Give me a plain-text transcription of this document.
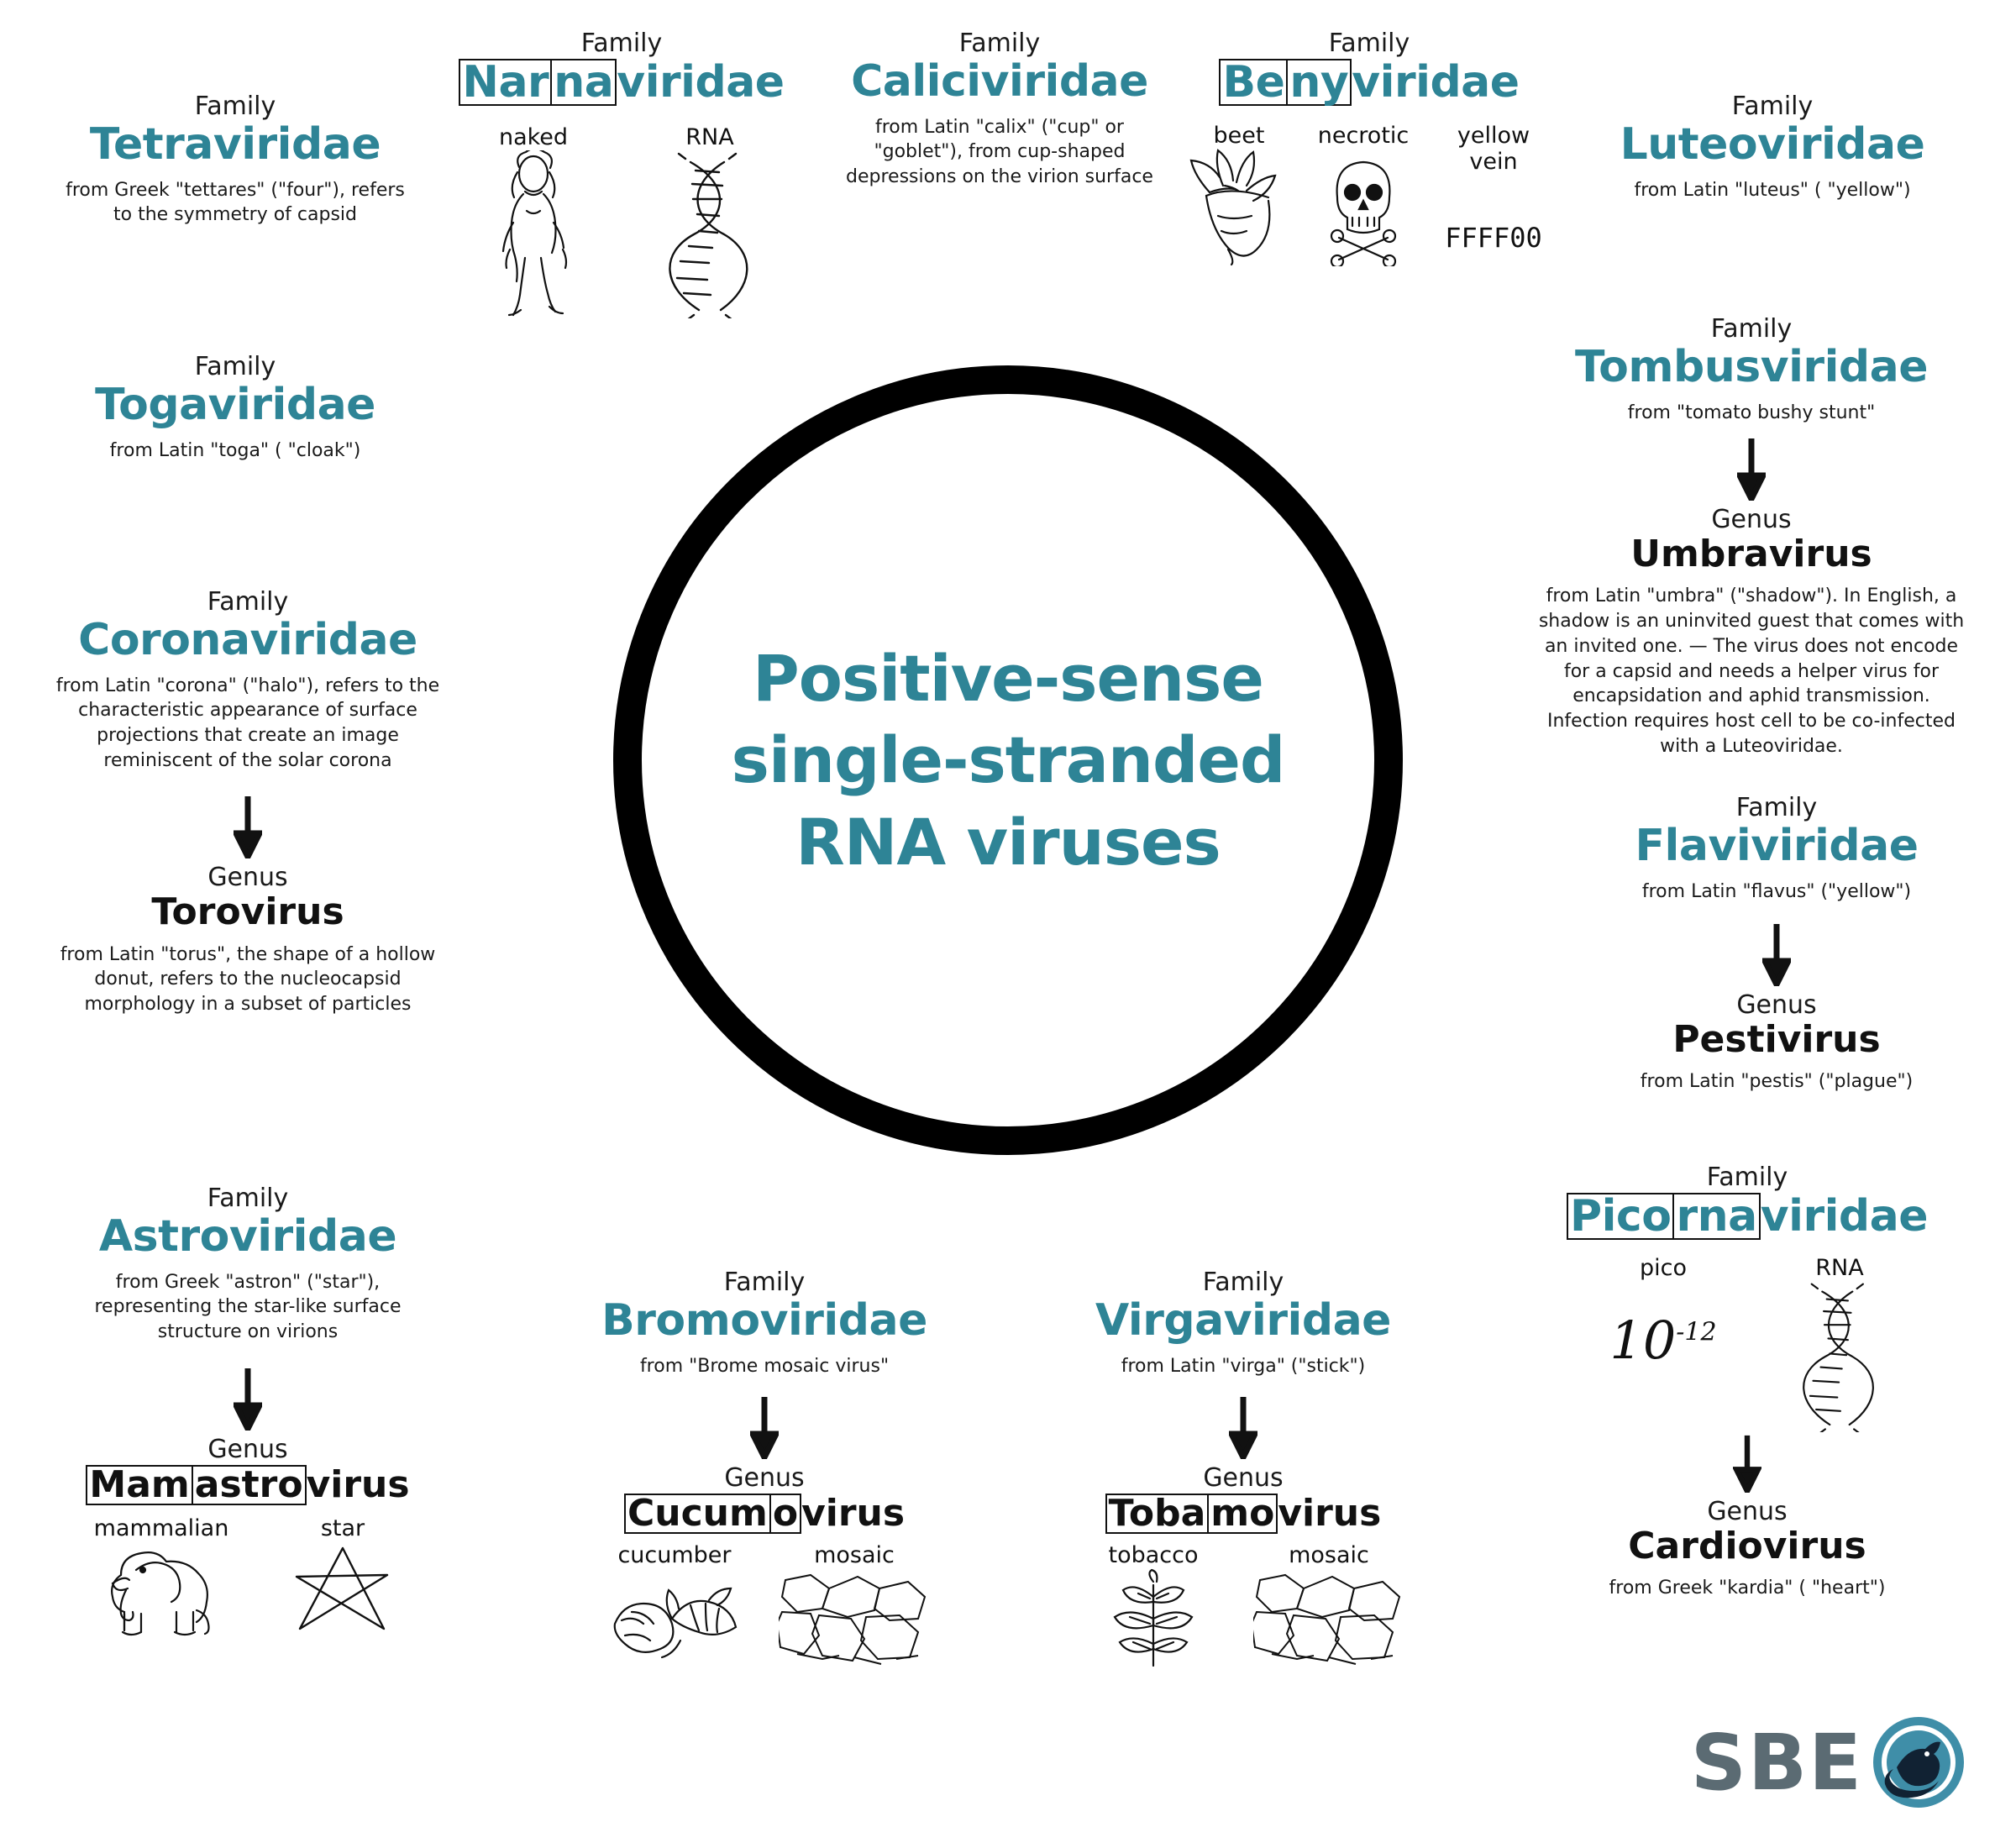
Positive-sense
single-stranded
RNA viruses
Family
Tetraviridae
from Greek "tettares" ("four"), refers to the symmetry of capsid
Family
Nar naviridae
naked	RNA
Family
Caliciviridae
from Latin "calix" ("cup" or "goblet"), from cup-shaped depressions on the virion surface
Family
Be nyviridae
beet	necrotic	yellow vein
FFFF00
Family
Luteoviridae
from Latin "luteus" ( "yellow")
Family
Togaviridae
from Latin "toga" ( "cloak")
Family
Tombusviridae
from "tomato bushy stunt"
Genus
Umbravirus
from Latin "umbra" ("shadow"). In English, a shadow is an uninvited guest that comes with an invited one. — The virus does not encode for a capsid and needs a helper virus for encapsidation and aphid transmission. Infection requires host cell to be co-infected with a Luteoviridae.
Family
Coronaviridae
from Latin "corona" ("halo"), refers to the characteristic appearance of surface projections that create an image reminiscent of the solar corona
Genus
Torovirus
from Latin "torus", the shape of a hollow donut, refers to the nucleocapsid morphology in a subset of particles
Family
Flaviviridae
from Latin "flavus" ("yellow")
Genus
Pestivirus
from Latin "pestis" ("plague")
Family
Astroviridae
from Greek "astron" ("star"), representing the star-like surface structure on virions
Genus
Mam astrovirus
mammalian	star
Family
Bromoviridae
from "Brome mosaic virus"
Genus
Cucum ovirus
cucumber	mosaic
Family
Virgaviridae
from Latin "virga" ("stick")
Genus
Toba movirus
tobacco	mosaic
Family
Pico rnaviridae
pico
$10^{-12}$
RNA
Genus
Cardiovirus
from Greek "kardia" ( "heart")
SBE
